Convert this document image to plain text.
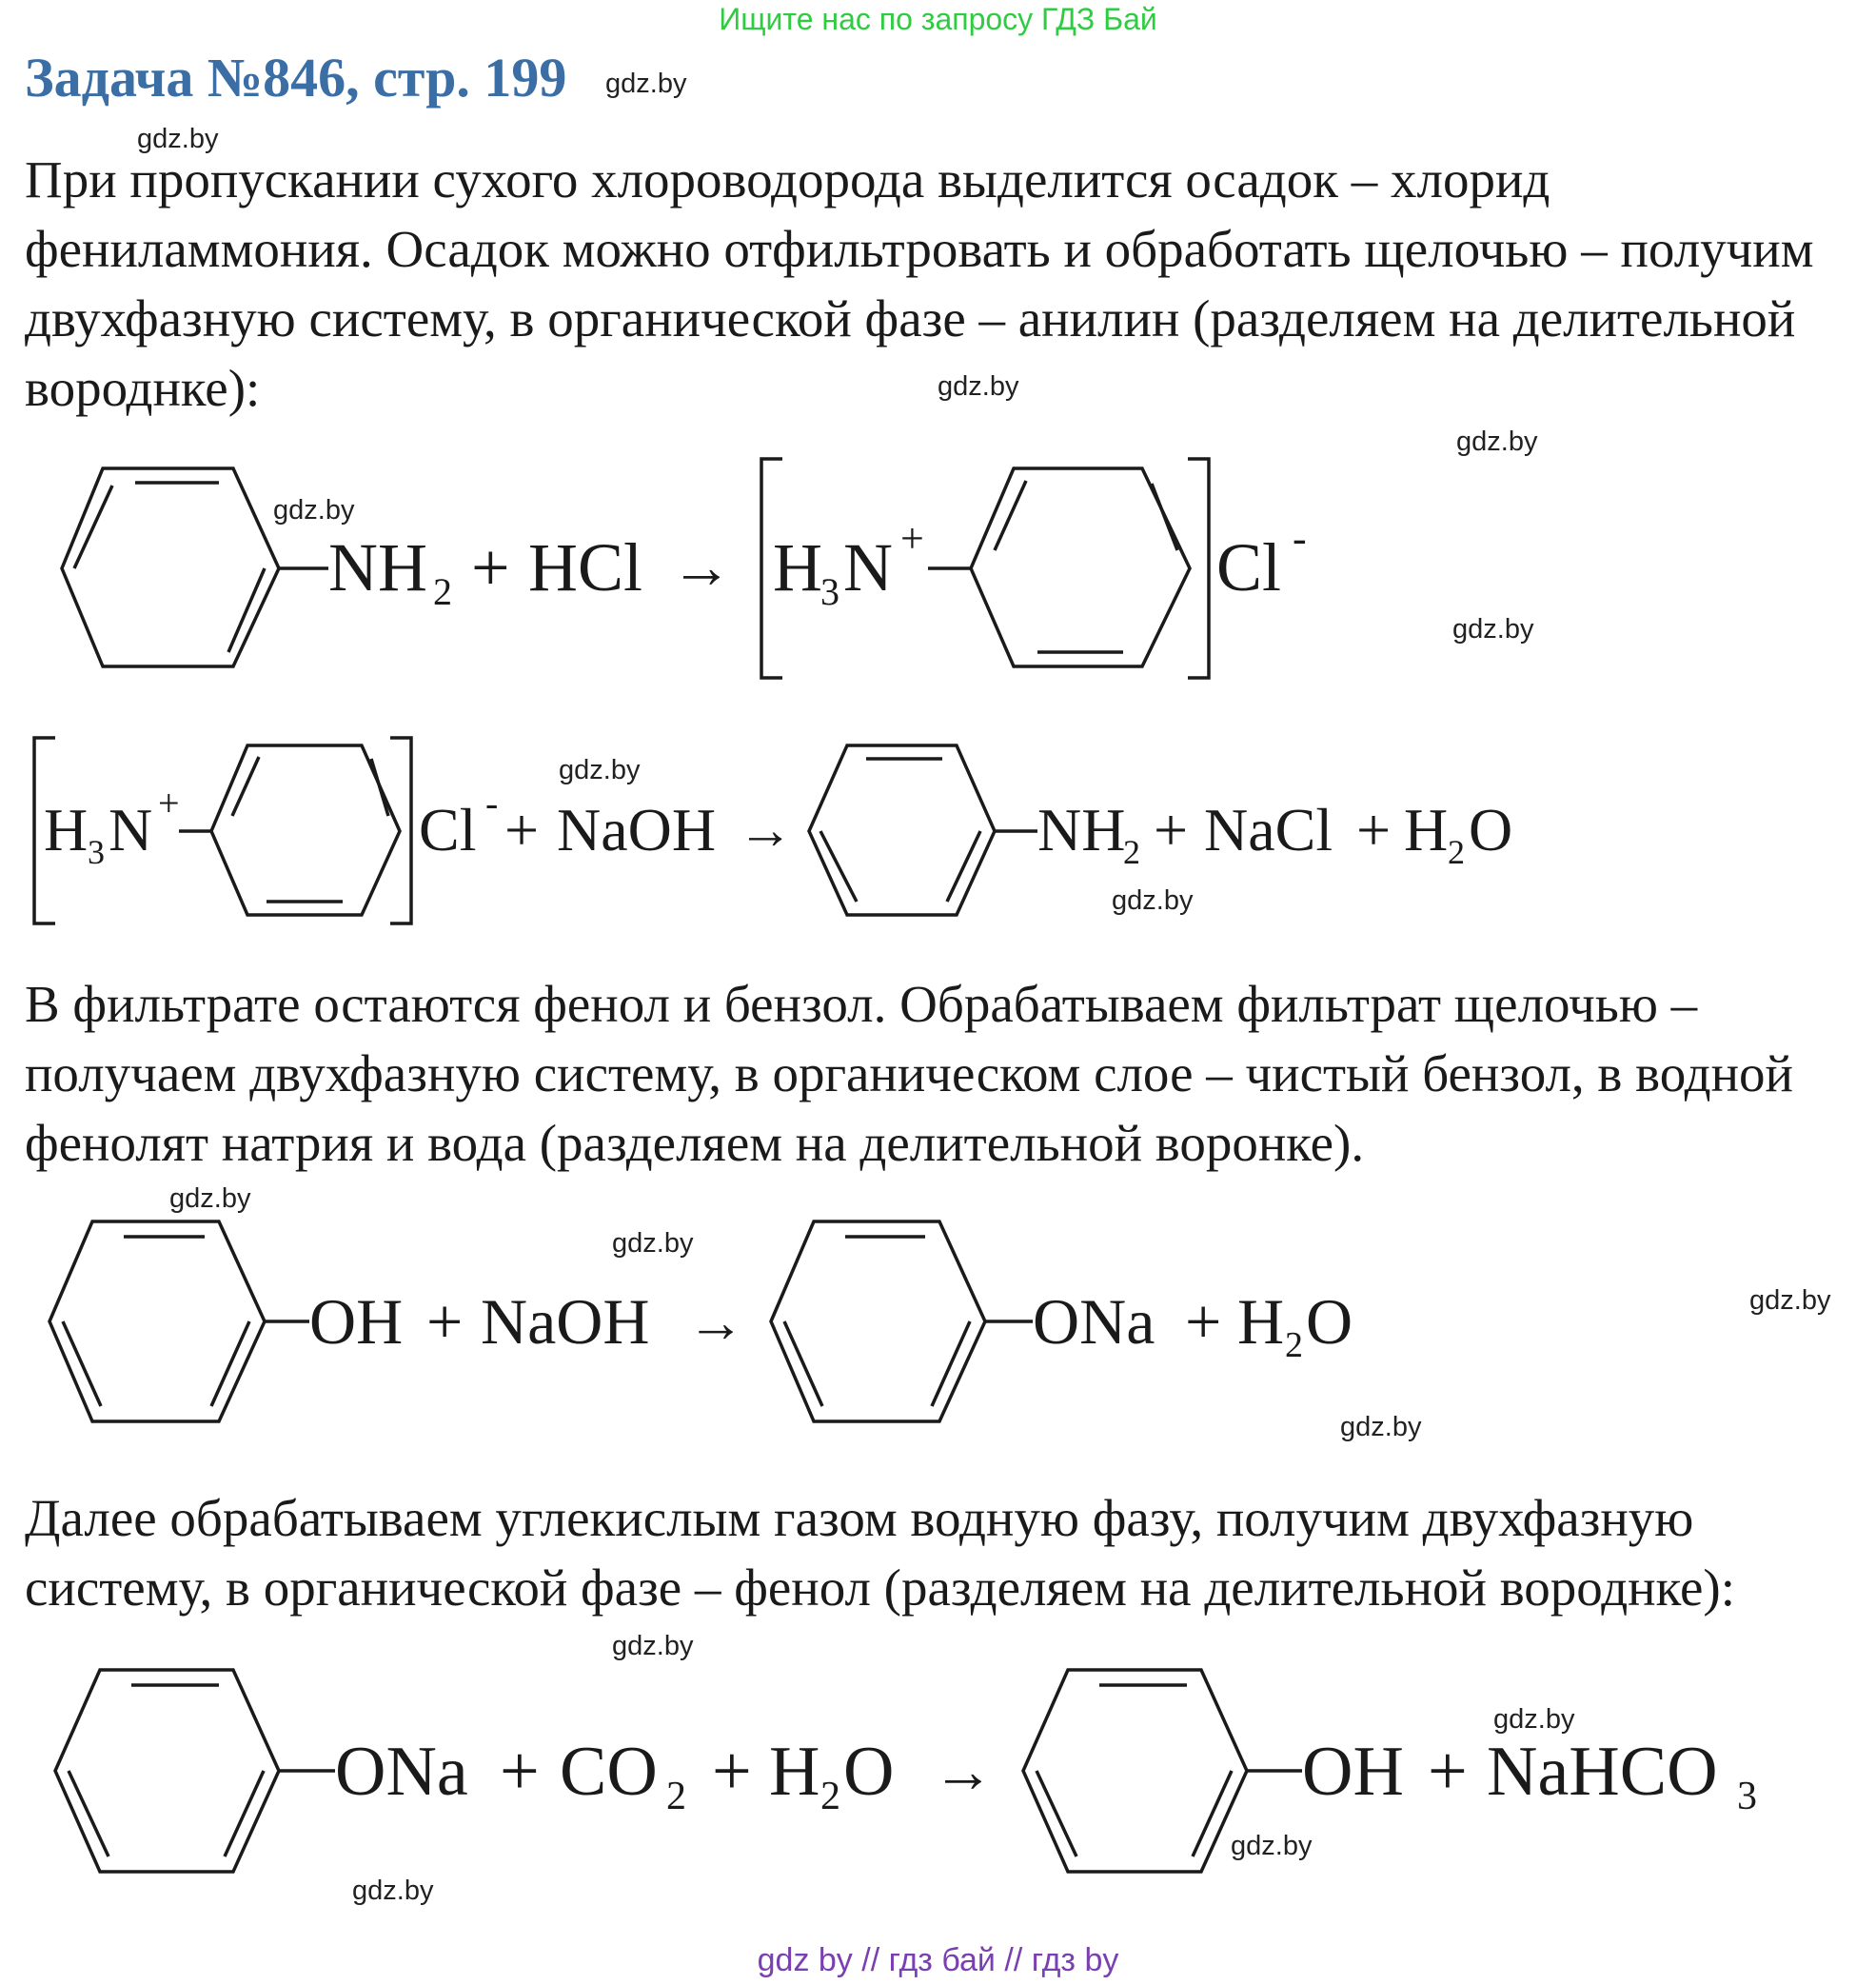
Ищите нас по запросу ГДЗ Бай
Задача №846, стр. 199 gdz.by
gdz.by
gdz.by
gdz.by
gdz.by
gdz.by
gdz.by
gdz.by
gdz.by
gdz.by
gdz.by
gdz.by
gdz.by
gdz.by
gdz.by
gdz.by
При пропускании сухого хлороводорода выделится осадок – хлорид фениламмония. Осадок можно отфильтровать и обработать щелочью – получим двухфазную систему, в органической фазе – анилин (разделяем на делительной вороднке):
NH 2 + HCl → H
3 N +	Cl -
H 3 N +	Cl - + NaOH →	NH
2 + NaCl + H 2 O
В фильтрате остаются фенол и бензол. Обрабатываем фильтрат щелочью – получаем двухфазную систему, в органическом слое – чистый бензол, в водной фенолят натрия и вода (разделяем на делительной воронке).
OH + NaOH →	ONa + H 2 O
Далее обрабатываем углекислым газом водную фазу, получим двухфазную систему, в органической фазе – фенол (разделяем на делительной вороднке):
ONa + CO 2 + H 2 O →	OH + NaHCO 3
gdz by // гдз бай // гдз by
